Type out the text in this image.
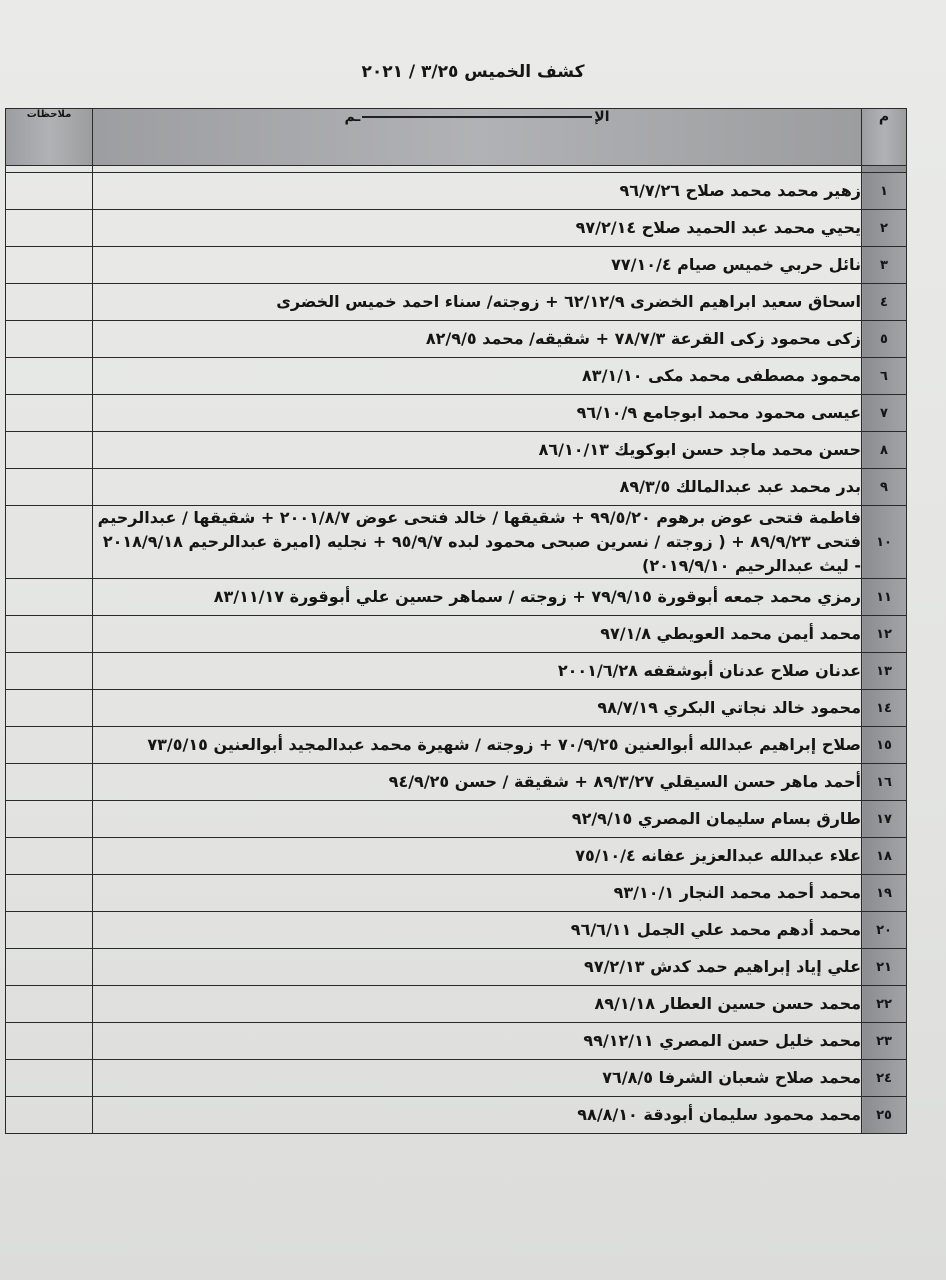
كشف الخميس ٣/٢٥ / ٢٠٢١
م	الإـم	ملاحظات

١	زهير محمد محمد صلاح ٩٦/٧/٢٦	
٢	يحيي محمد عبد الحميد صلاح ٩٧/٢/١٤	
٣	نائل حربي خميس صيام ٧٧/١٠/٤	
٤	اسحاق سعيد ابراهيم الخضرى ٦٢/١٢/٩ + زوجته/ سناء احمد خميس الخضرى	
٥	زكى محمود زكى القرعة ٧٨/٧/٣ + شقيقه/ محمد ٨٢/٩/٥	
٦	محمود مصطفى محمد مكى ٨٣/١/١٠	
٧	عيسى محمود محمد ابوجامع ٩٦/١٠/٩	
٨	حسن محمد ماجد حسن ابوكويك ٨٦/١٠/١٣	
٩	بدر محمد عبد عبدالمالك ٨٩/٣/٥	
١٠	فاطمة فتحى عوض برهوم ٩٩/٥/٢٠ + شقيقها / خالد فتحى عوض ٢٠٠١/٨/٧ + شقيقها / عبدالرحيم فتحى ٨٩/٩/٢٣ + ( زوجته / نسرين صبحى محمود لبده ٩٥/٩/٧ + نجليه (اميرة عبدالرحيم ٢٠١٨/٩/١٨ - ليث عبدالرحيم ٢٠١٩/٩/١٠)	
١١	رمزي محمد جمعه أبوقورة ٧٩/٩/١٥ + زوجته / سماهر حسين علي أبوقورة ٨٣/١١/١٧	
١٢	محمد أيمن محمد العويطي ٩٧/١/٨	
١٣	عدنان صلاح عدنان أبوشقفه ٢٠٠١/٦/٢٨	
١٤	محمود خالد نجاتي البكري ٩٨/٧/١٩	
١٥	صلاح إبراهيم عبدالله أبوالعنين ٧٠/٩/٢٥ + زوجته / شهيرة محمد عبدالمجيد أبوالعنين ٧٣/٥/١٥	
١٦	أحمد ماهر حسن السيقلي ٨٩/٣/٢٧ + شقيقة / حسن ٩٤/٩/٢٥	
١٧	طارق بسام سليمان المصري ٩٢/٩/١٥	
١٨	علاء عبدالله عبدالعزيز عفانه ٧٥/١٠/٤	
١٩	محمد أحمد محمد النجار ٩٣/١٠/١	
٢٠	محمد أدهم محمد علي الجمل ٩٦/٦/١١	
٢١	علي إياد إبراهيم حمد كدش ٩٧/٢/١٣	
٢٢	محمد حسن حسين العطار ٨٩/١/١٨	
٢٣	محمد خليل حسن المصري ٩٩/١٢/١١	
٢٤	محمد صلاح شعبان الشرفا ٧٦/٨/٥	
٢٥	محمد محمود سليمان أبودقة ٩٨/٨/١٠	
